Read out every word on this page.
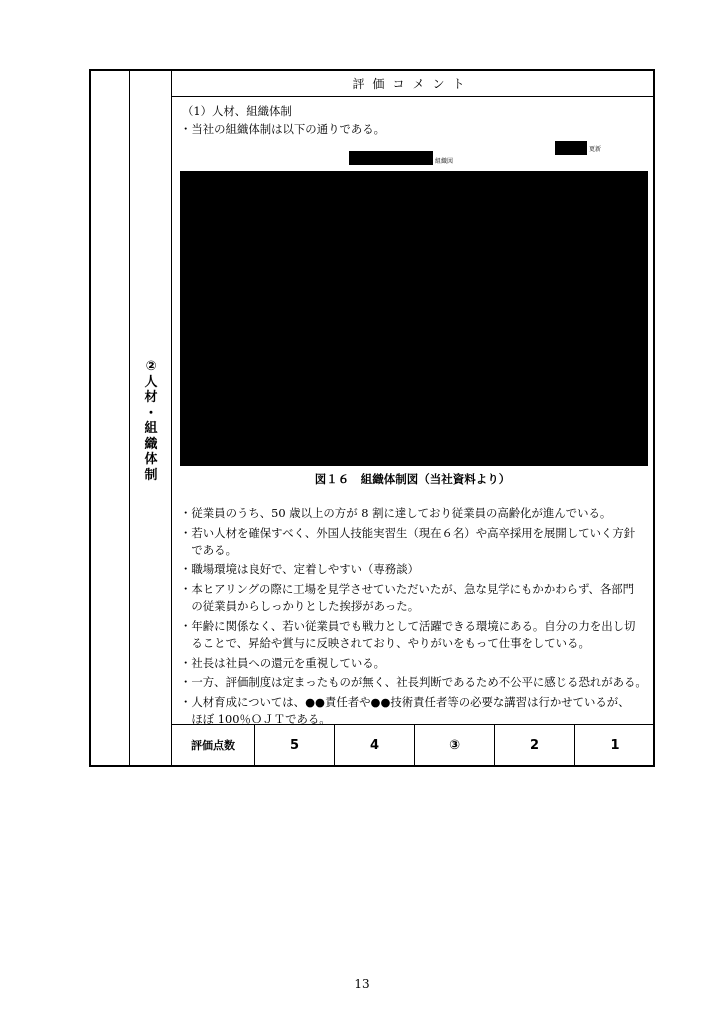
②
人
材
・
組
織
体
制
評価コメント
（1）人材、組織体制
・当社の組織体制は以下の通りである。
更新
組織図
図１６　組織体制図（当社資料より）
・従業員のうち、50 歳以上の方が 8 割に達しており従業員の高齢化が進んでいる。
・若い人材を確保すべく、外国人技能実習生（現在６名）や高卒採用を展開していく方針
　である。
・職場環境は良好で、定着しやすい（専務談）
・本ヒアリングの際に工場を見学させていただいたが、急な見学にもかかわらず、各部門
　の従業員からしっかりとした挨拶があった。
・年齢に関係なく、若い従業員でも戦力として活躍できる環境にある。自分の力を出し切
　ることで、昇給や賞与に反映されており、やりがいをもって仕事をしている。
・社長は社員への還元を重視している。
・一方、評価制度は定まったものが無く、社長判断であるため不公平に感じる恐れがある。
・人材育成については、●●責任者や●●技術責任者等の必要な講習は行かせているが、
　ほぼ 100％ＯＪＴである。
評価点数	5	4	③	2	1
13
